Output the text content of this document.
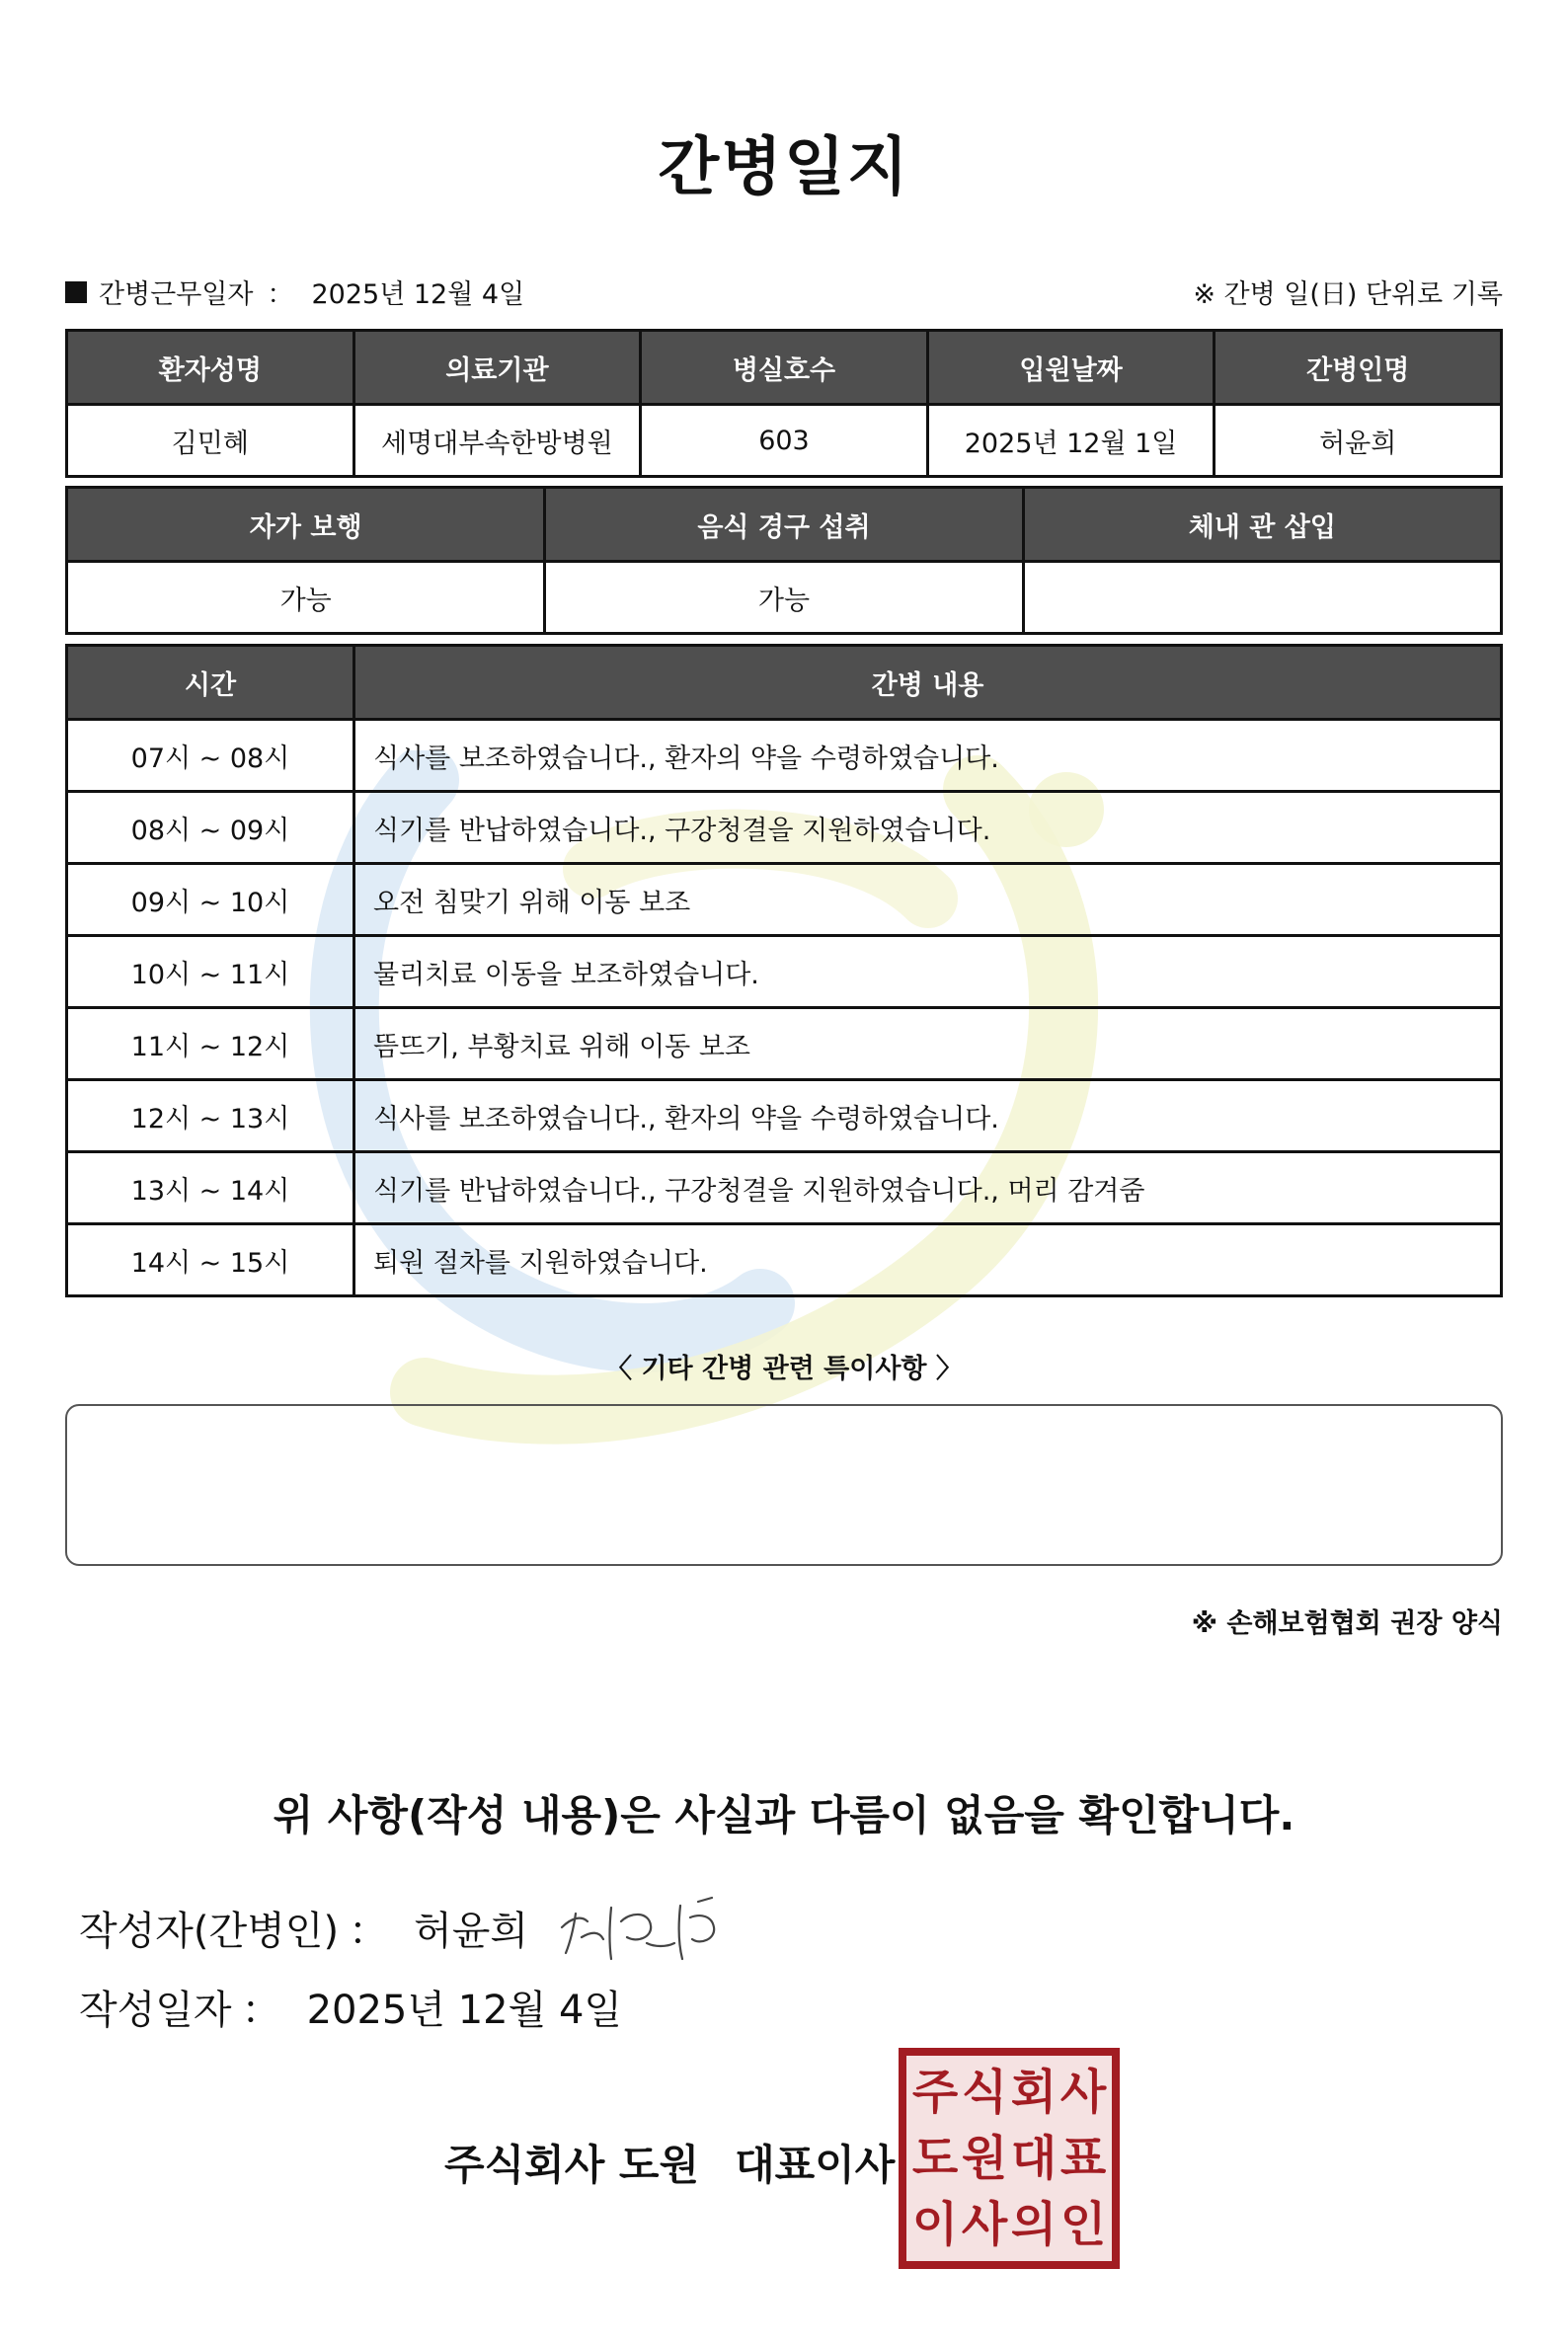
간병일지
간병근무일자 ： 2025년 12월 4일	※ 간병 일(日) 단위로 기록
환자성명	의료기관	병실호수	입원날짜	간병인명
김민혜	세명대부속한방병원	603	2025년 12월 1일	허윤희
자가 보행	음식 경구 섭취	체내 관 삽입
가능	가능	
시간	간병 내용
07시 ~ 08시	식사를 보조하였습니다., 환자의 약을 수령하였습니다.
08시 ~ 09시	식기를 반납하였습니다., 구강청결을 지원하였습니다.
09시 ~ 10시	오전 침맞기 위해 이동 보조
10시 ~ 11시	물리치료 이동을 보조하였습니다.
11시 ~ 12시	뜸뜨기, 부황치료 위해 이동 보조
12시 ~ 13시	식사를 보조하였습니다., 환자의 약을 수령하였습니다.
13시 ~ 14시	식기를 반납하였습니다., 구강청결을 지원하였습니다., 머리 감겨줌
14시 ~ 15시	퇴원 절차를 지원하였습니다.
〈 기타 간병 관련 특이사항 〉
※ 손해보험협회 권장 양식
위 사항(작성 내용)은 사실과 다름이 없음을 확인합니다.
작성자(간병인) ： 허윤희
작성일자 ： 2025년 12월 4일
주식회사 도원 대표이사
주 식 회 사
도 원 대 표
이 사 의 인
